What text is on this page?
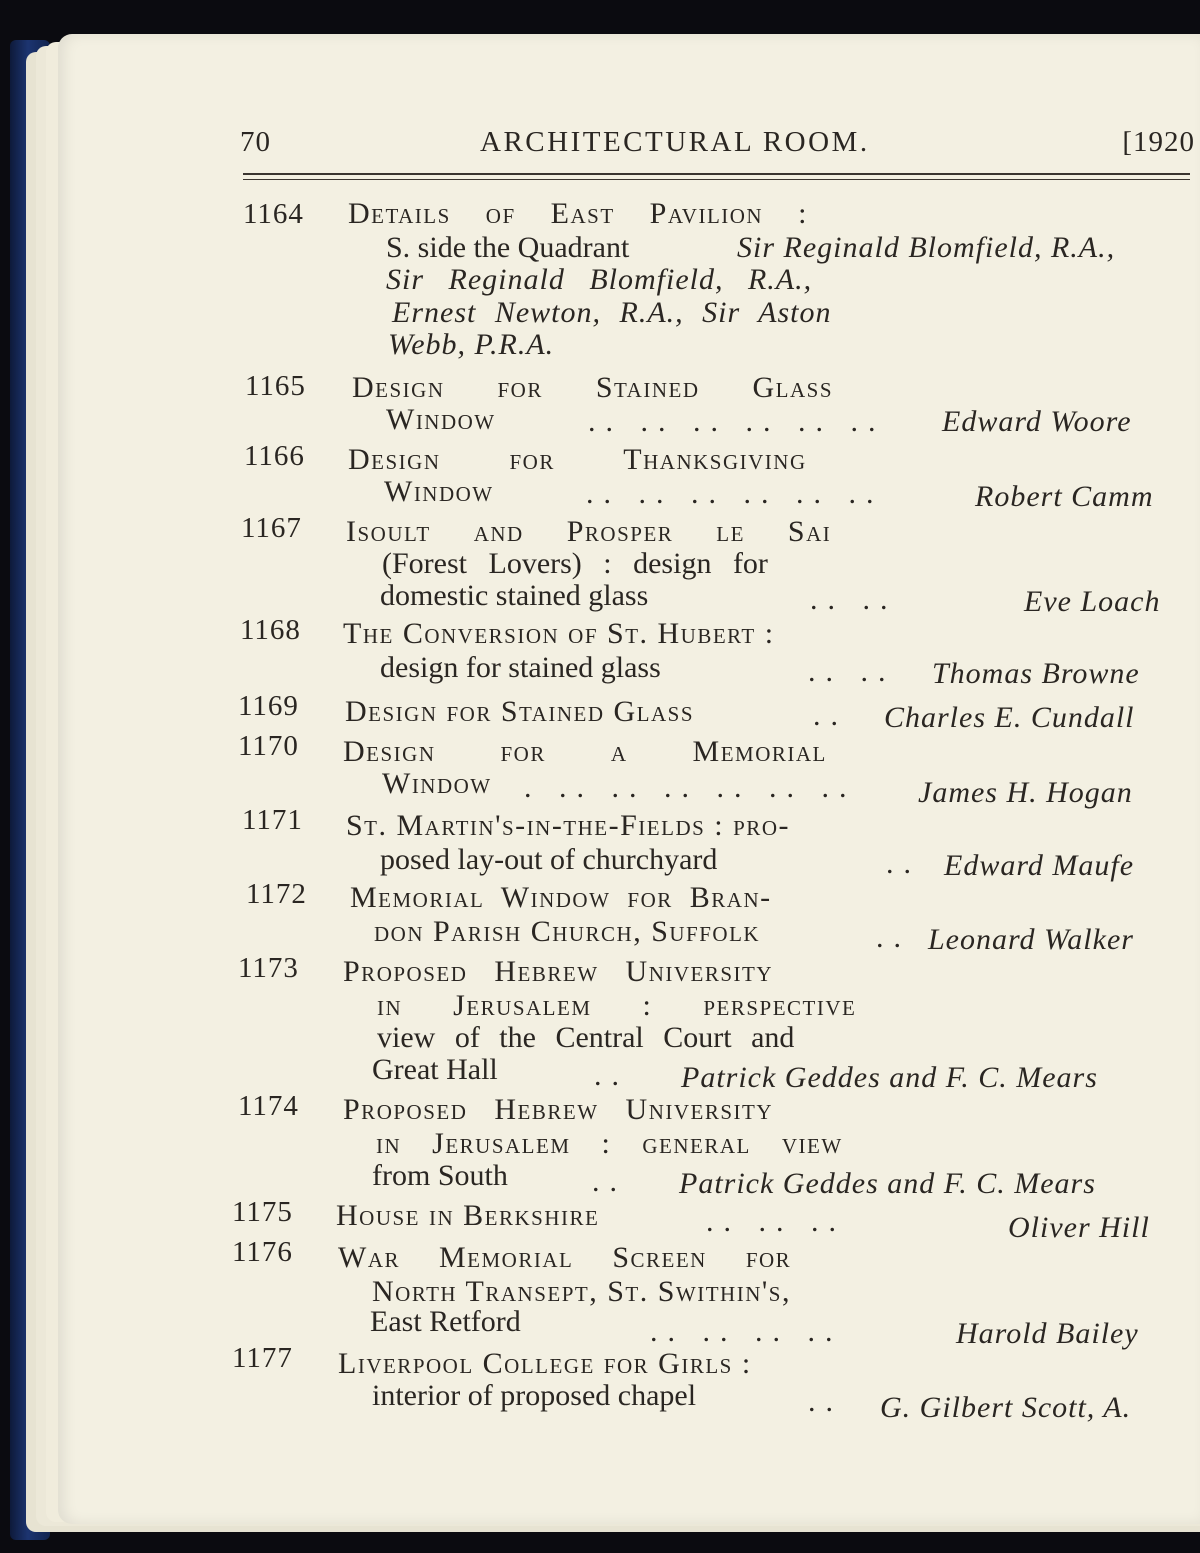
70	ARCHITECTURAL ROOM.	[1920
1164 Details of East Pavilion :
S. side the Quadrant	Sir Reginald Blomfield, R.A.,
Sir Reginald Blomfield, R.A.,
Ernest Newton, R.A., Sir Aston
Webb, P.R.A.
1165 Design for Stained Glass
Window	.. .. .. .. .. .. Edward Woore
1166 Design for Thanksgiving
Window	.. .. .. .. .. ..	Robert Camm
1167 Isoult and Prosper le Sai
(Forest Lovers) : design for
domestic stained glass	.. ..	Eve Loach
1168 The Conversion of St. Hubert :
design for stained glass	.. .. Thomas Browne
1169 Design for Stained Glass	.. Charles E. Cundall
1170 Design for a Memorial
Window . .. .. .. .. .. .. James H. Hogan
1171 St. Martin's-in-the-Fields : pro-
posed lay-out of churchyard	.. Edward Maufe
1172 Memorial Window for Bran-
don Parish Church, Suffolk	.. Leonard Walker
1173 Proposed Hebrew University
in Jerusalem : perspective
view of the Central Court and
Great Hall	.. Patrick Geddes and F. C. Mears
1174 Proposed Hebrew University
in Jerusalem : general view
from South	.. Patrick Geddes and F. C. Mears
1175 House in Berkshire	.. .. ..	Oliver Hill
1176 War Memorial Screen for
North Transept, St. Swithin's,
East Retford	.. .. .. ..	Harold Bailey
1177 Liverpool College for Girls :
interior of proposed chapel	.. G. Gilbert Scott, A.
